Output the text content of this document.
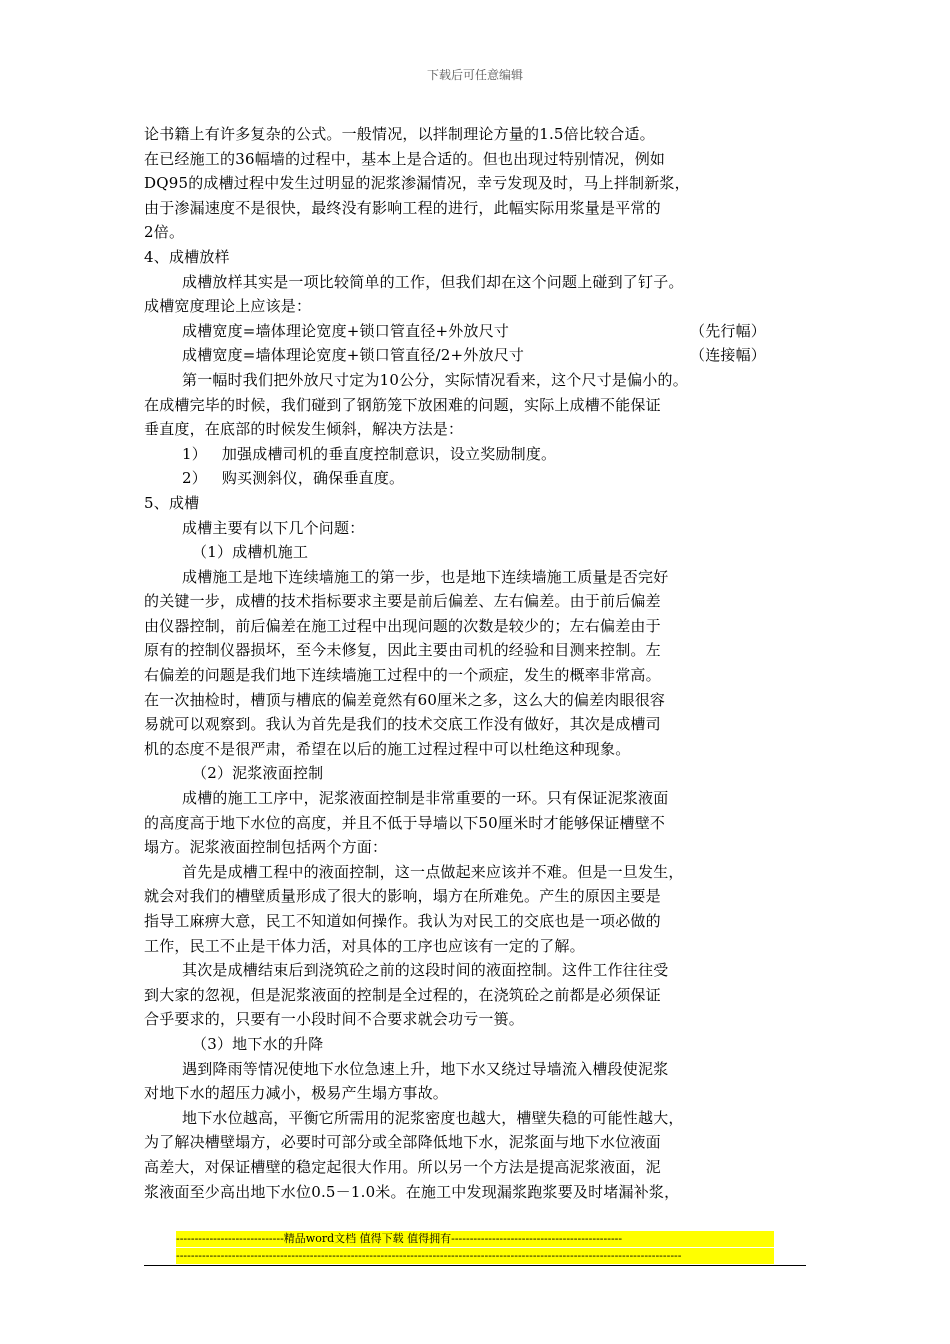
下载后可任意编辑
论书籍上有许多复杂的公式。一般情况，以拌制理论方量的1.5倍比较合适。
在已经施工的36幅墙的过程中，基本上是合适的。但也出现过特别情况，例如
DQ95的成槽过程中发生过明显的泥浆渗漏情况，幸亏发现及时，马上拌制新浆，
由于渗漏速度不是很快，最终没有影响工程的进行，此幅实际用浆量是平常的
2倍。
4、成槽放样
成槽放样其实是一项比较简单的工作，但我们却在这个问题上碰到了钉子。
成槽宽度理论上应该是：
成槽宽度=墙体理论宽度+锁口管直径+外放尺寸	（先行幅）
成槽宽度=墙体理论宽度+锁口管直径/2+外放尺寸	（连接幅）
第一幅时我们把外放尺寸定为10公分，实际情况看来，这个尺寸是偏小的。
在成槽完毕的时候，我们碰到了钢筋笼下放困难的问题，实际上成槽不能保证
垂直度，在底部的时候发生倾斜，解决方法是：
1）   加强成槽司机的垂直度控制意识，设立奖励制度。
2）   购买测斜仪，确保垂直度。
5、成槽
成槽主要有以下几个问题：
（1）成槽机施工
成槽施工是地下连续墙施工的第一步，也是地下连续墙施工质量是否完好
的关键一步，成槽的技术指标要求主要是前后偏差、左右偏差。由于前后偏差
由仪器控制，前后偏差在施工过程中出现问题的次数是较少的；左右偏差由于
原有的控制仪器损坏，至今未修复，因此主要由司机的经验和目测来控制。左
右偏差的问题是我们地下连续墙施工过程中的一个顽症，发生的概率非常高。
在一次抽检时，槽顶与槽底的偏差竟然有60厘米之多，这么大的偏差肉眼很容
易就可以观察到。我认为首先是我们的技术交底工作没有做好，其次是成槽司
机的态度不是很严肃，希望在以后的施工过程过程中可以杜绝这种现象。
（2）泥浆液面控制
成槽的施工工序中，泥浆液面控制是非常重要的一环。只有保证泥浆液面
的高度高于地下水位的高度，并且不低于导墙以下50厘米时才能够保证槽壁不
塌方。泥浆液面控制包括两个方面：
首先是成槽工程中的液面控制，这一点做起来应该并不难。但是一旦发生，
就会对我们的槽壁质量形成了很大的影响，塌方在所难免。产生的原因主要是
指导工麻痹大意，民工不知道如何操作。我认为对民工的交底也是一项必做的
工作，民工不止是干体力活，对具体的工序也应该有一定的了解。
其次是成槽结束后到浇筑砼之前的这段时间的液面控制。这件工作往往受
到大家的忽视，但是泥浆液面的控制是全过程的，在浇筑砼之前都是必须保证
合乎要求的，只要有一小段时间不合要求就会功亏一篑。
（3）地下水的升降
遇到降雨等情况使地下水位急速上升，地下水又绕过导墙流入槽段使泥浆
对地下水的超压力减小，极易产生塌方事故。
地下水位越高，平衡它所需用的泥浆密度也越大，槽壁失稳的可能性越大，
为了解决槽壁塌方，必要时可部分或全部降低地下水，泥浆面与地下水位液面
高差大，对保证槽壁的稳定起很大作用。所以另一个方法是提高泥浆液面，泥
浆液面至少高出地下水位0.5－1.0米。在施工中发现漏浆跑浆要及时堵漏补浆，
-----------------------------精品word文档 值得下载 值得拥有----------------------------------------------
----------------------------------------------------------------------------------------------------------------------------------------
